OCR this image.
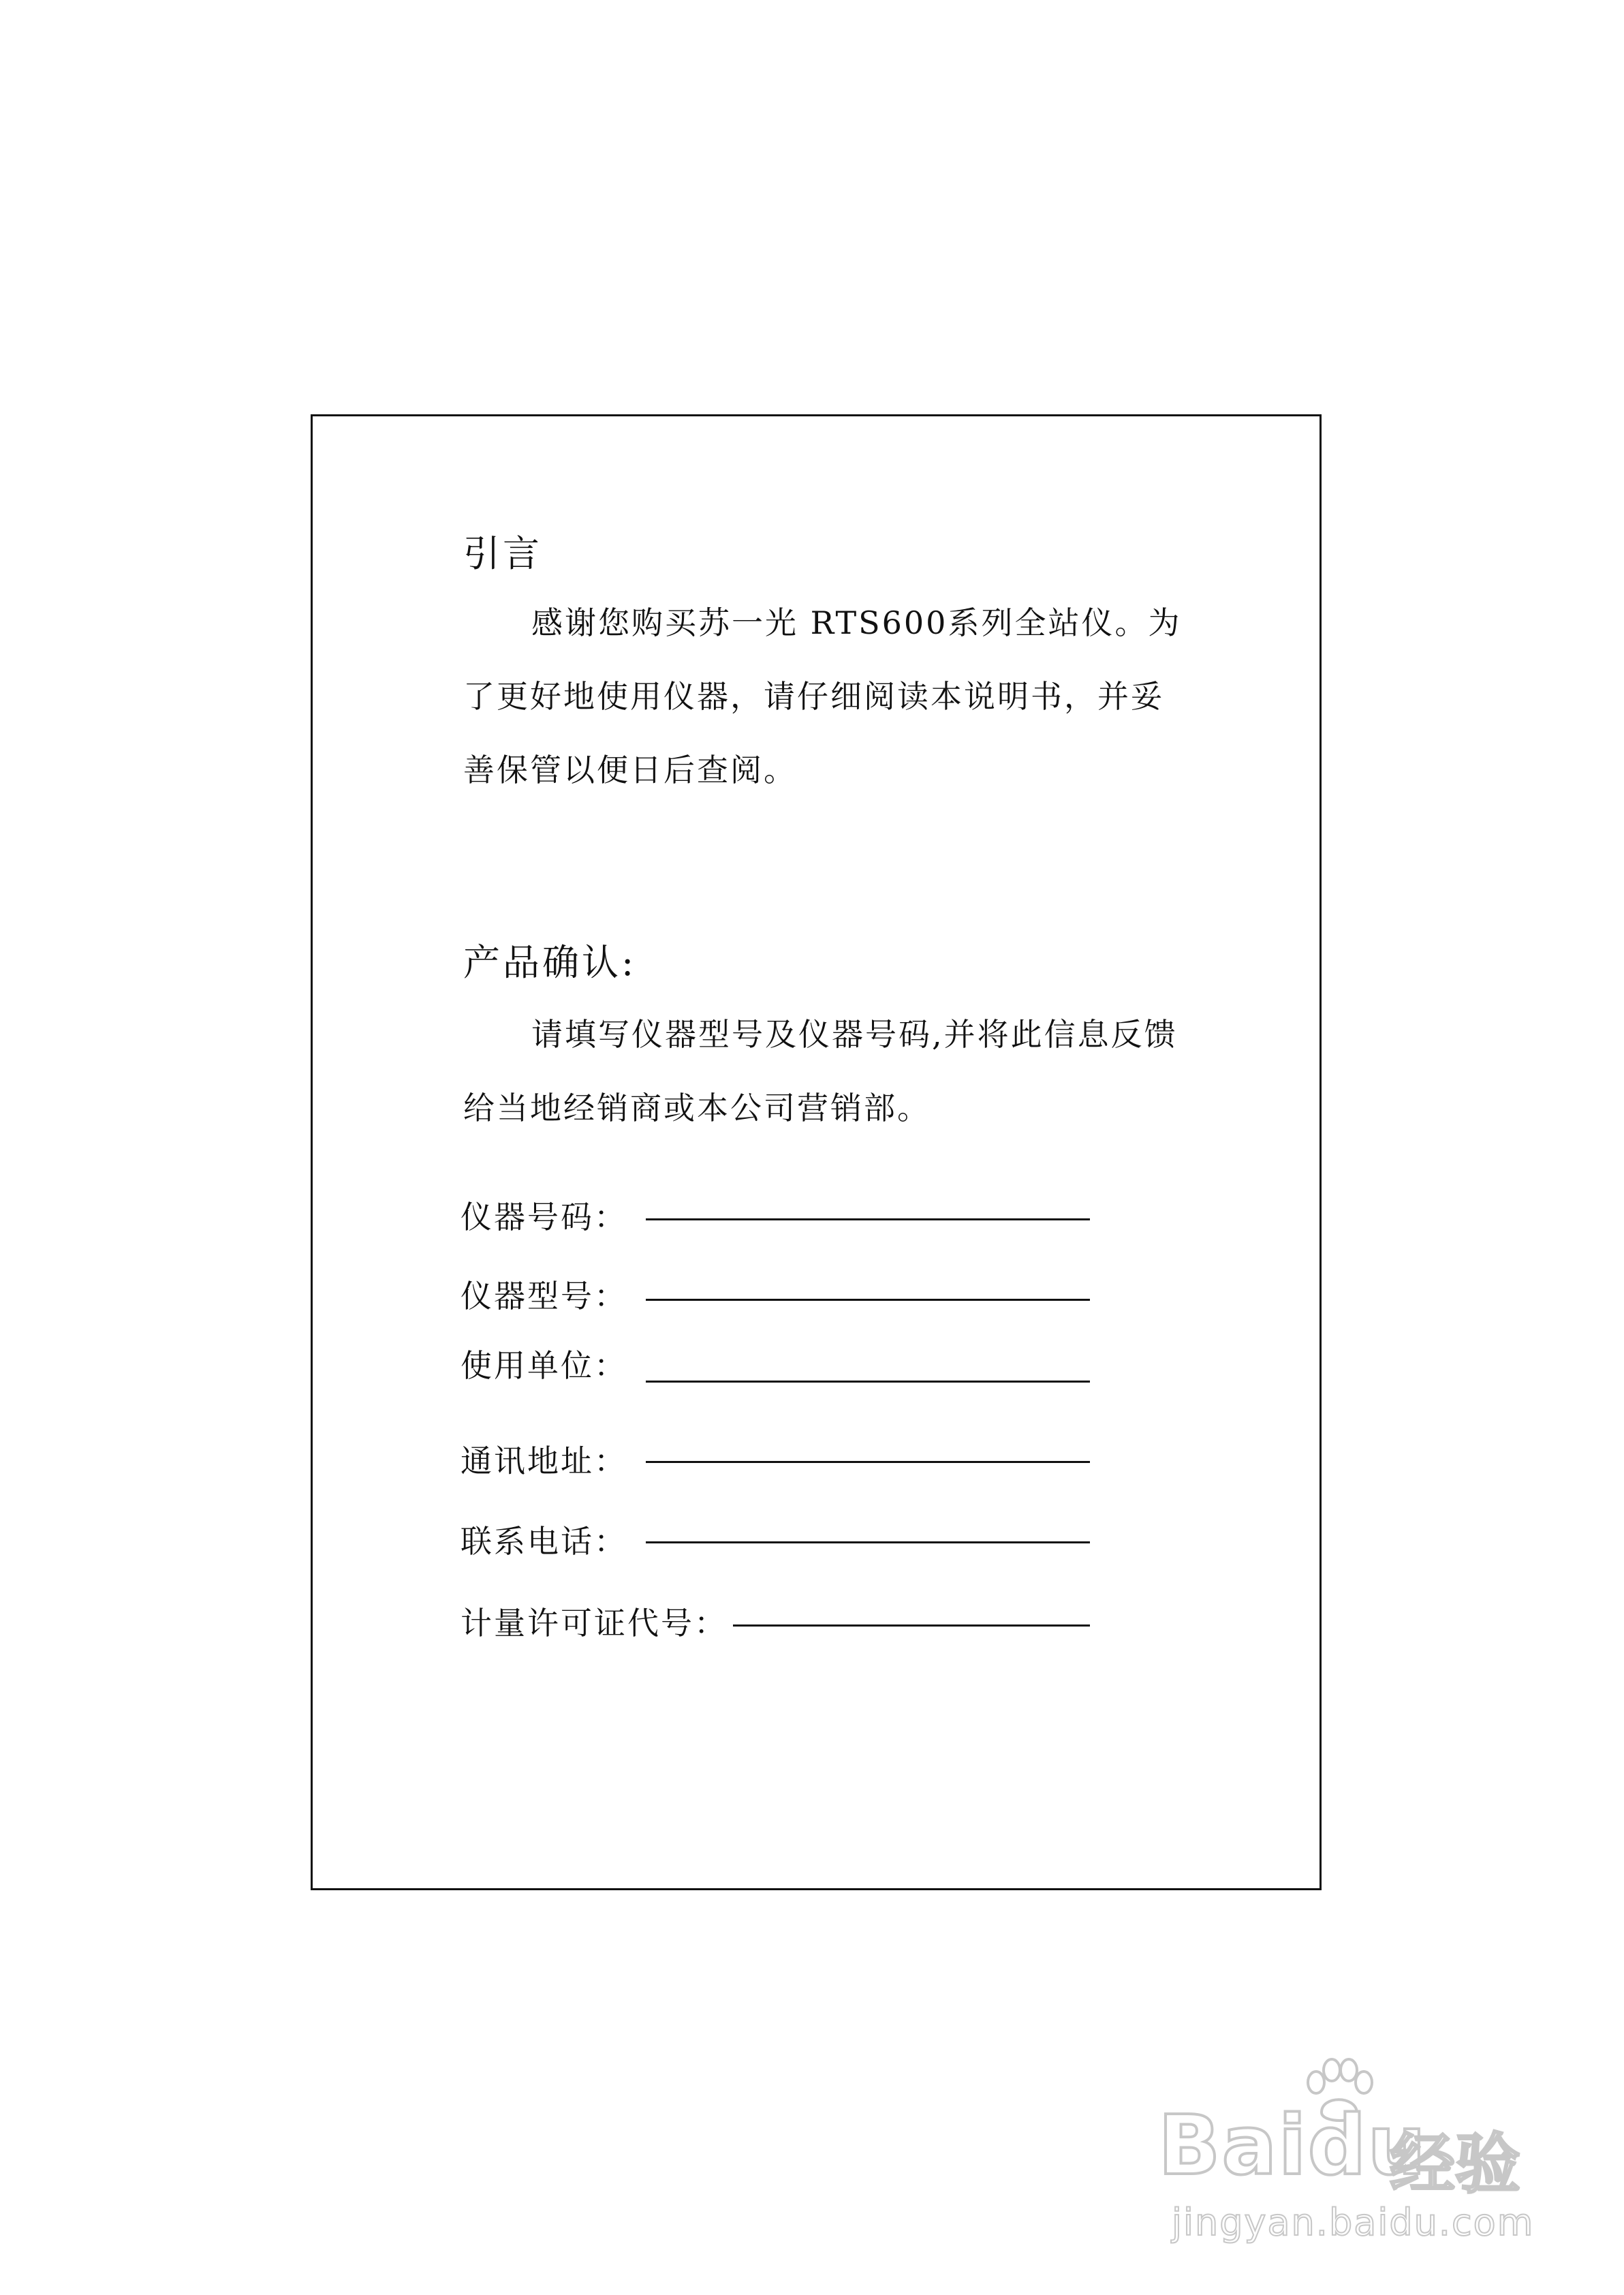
引言

感谢您购买苏一光 RTS600系列全站仪。为了更好地使用仪器，请仔细阅读本说明书，并妥善保管以便日后查阅。

产品确认:

请填写仪器型号及仪器号码,并将此信息反馈给当地经销商或本公司营销部。

仪器号码：
仪器型号：
使用单位：
通讯地址：
联系电话：
计量许可证代号：
Baidu
经验
jingyan.baidu.com
